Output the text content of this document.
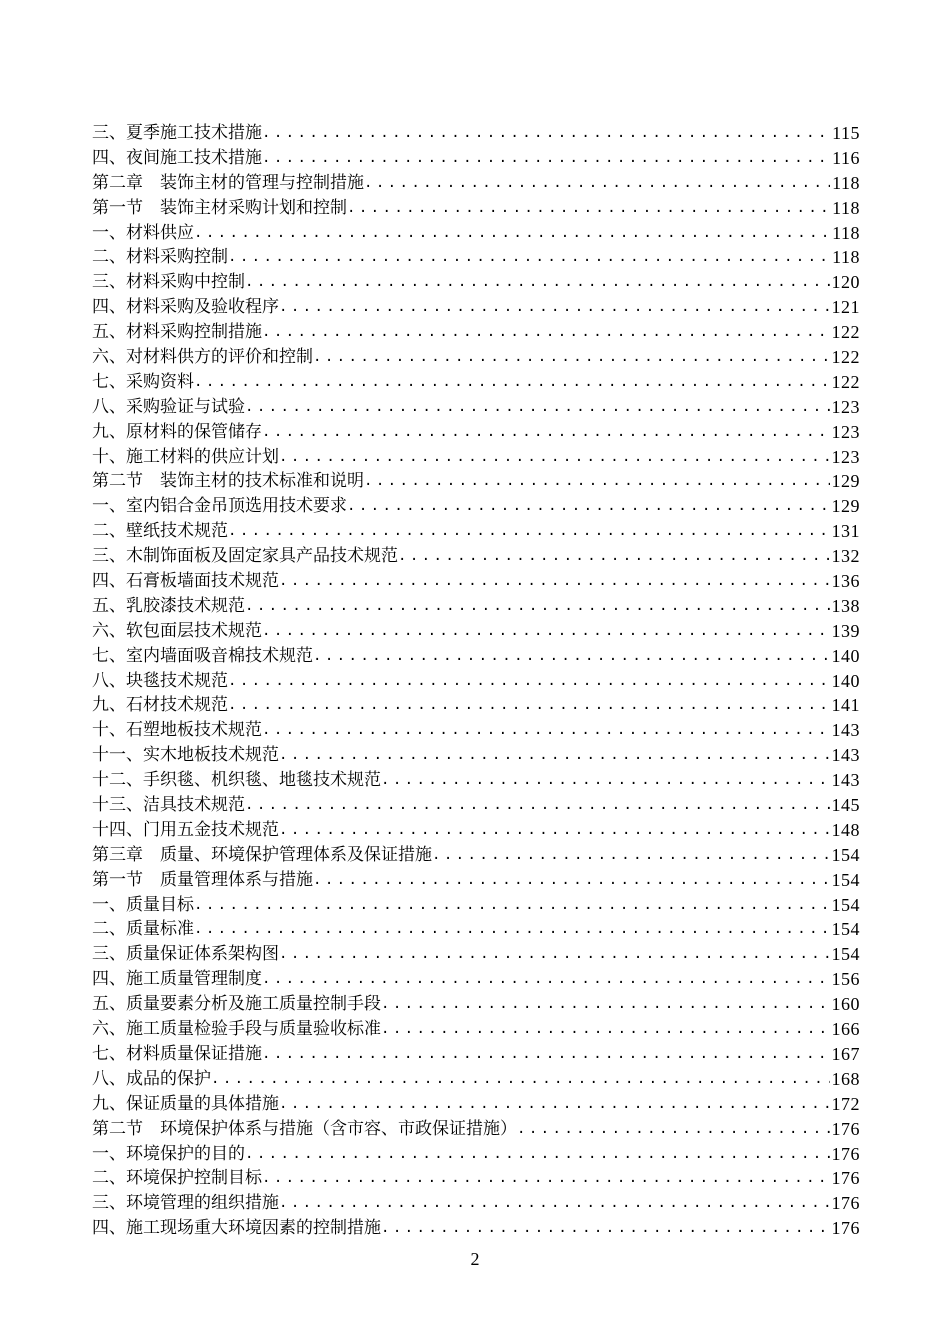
三、夏季施工技术措施 .....	115
四、夜间施工技术措施 .....	116
第二章　装饰主材的管理与控制措施 .....	118
第一节　装饰主材采购计划和控制 .....	118
一、材料供应 .....	118
二、材料采购控制 .....	118
三、材料采购中控制 .....	120
四、材料采购及验收程序 .....	121
五、材料采购控制措施 .....	122
六、对材料供方的评价和控制 .....	122
七、采购资料 .....	122
八、采购验证与试验 .....	123
九、原材料的保管储存 .....	123
十、施工材料的供应计划 .....	123
第二节　装饰主材的技术标准和说明 .....	129
一、室内铝合金吊顶选用技术要求 .....	129
二、壁纸技术规范 .....	131
三、木制饰面板及固定家具产品技术规范 .....	132
四、石膏板墙面技术规范 .....	136
五、乳胶漆技术规范 .....	138
六、软包面层技术规范 .....	139
七、室内墙面吸音棉技术规范 .....	140
八、块毯技术规范 .....	140
九、石材技术规范 .....	141
十、石塑地板技术规范 .....	143
十一、实木地板技术规范 .....	143
十二、手织毯、机织毯、地毯技术规范 .....	143
十三、洁具技术规范 .....	145
十四、门用五金技术规范 .....	148
第三章　质量、环境保护管理体系及保证措施 .....	154
第一节　质量管理体系与措施 .....	154
一、质量目标 .....	154
二、质量标准 .....	154
三、质量保证体系架构图 .....	154
四、施工质量管理制度 .....	156
五、质量要素分析及施工质量控制手段 .....	160
六、施工质量检验手段与质量验收标准 .....	166
七、材料质量保证措施 .....	167
八、成品的保护 .....	168
九、保证质量的具体措施 .....	172
第二节　环境保护体系与措施（含市容、市政保证措施） .....	176
一、环境保护的目的 .....	176
二、环境保护控制目标 .....	176
三、环境管理的组织措施 .....	176
四、施工现场重大环境因素的控制措施 .....	176
2
